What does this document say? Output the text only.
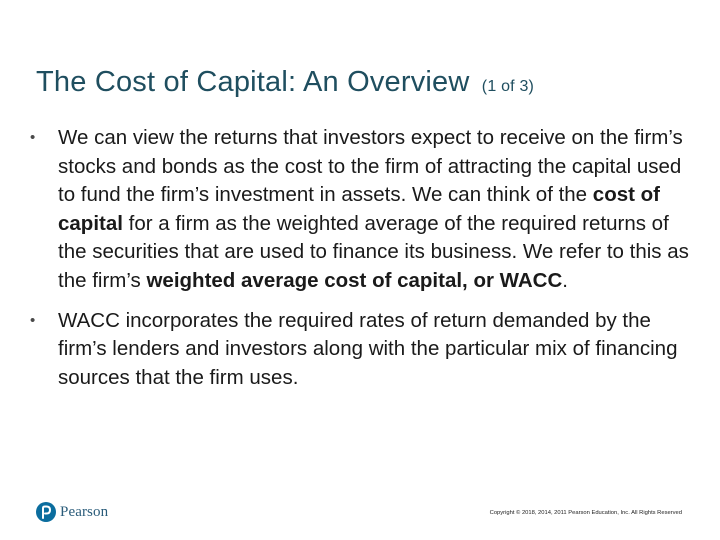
The Cost of Capital: An Overview (1 of 3)
•	We can view the returns that investors expect to receive on the firm’s stocks and bonds as the cost to the firm of attracting the capital used to fund the firm’s investment in assets. We can think of the cost of capital for a firm as the weighted average of the required returns of the securities that are used to finance its business. We refer to this as the firm’s weighted average cost of capital, or WACC.
•	WACC incorporates the required rates of return demanded by the firm’s lenders and investors along with the particular mix of financing sources that the firm uses.
Pearson	Copyright © 2018, 2014, 2011 Pearson Education, Inc. All Rights Reserved
